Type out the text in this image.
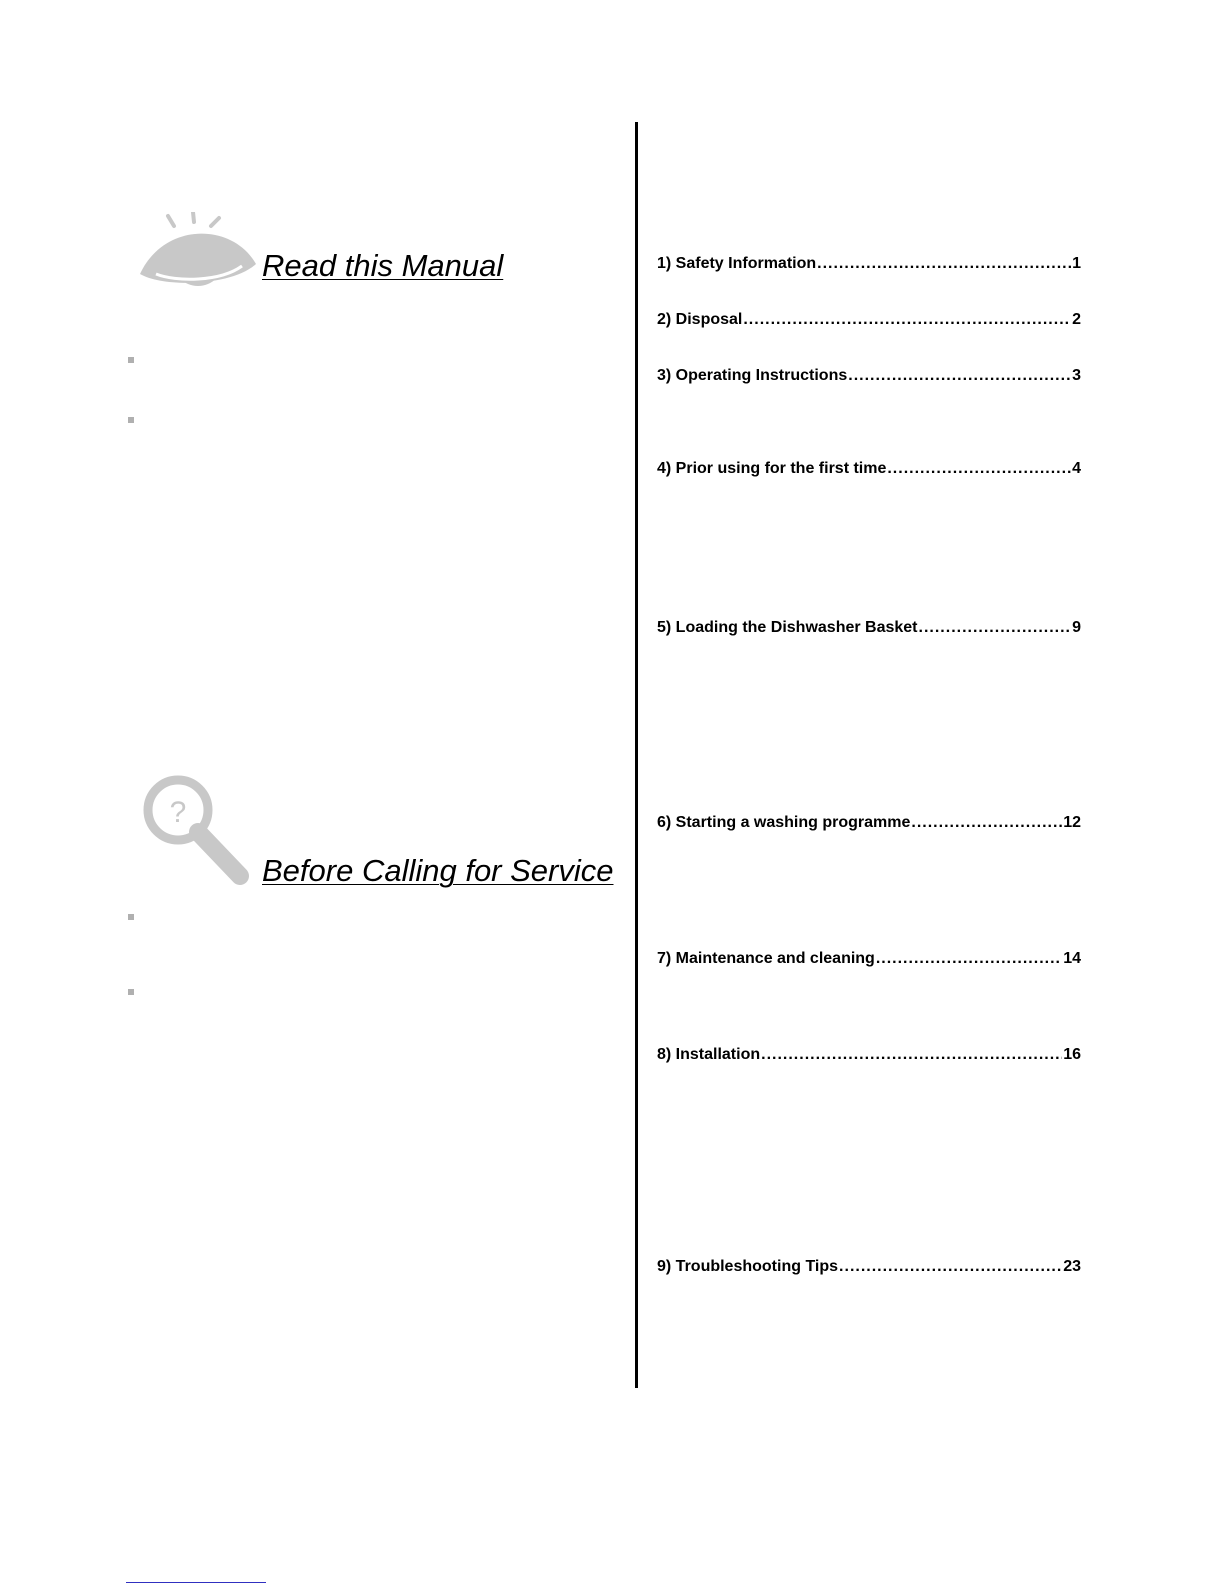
Read this Manual
?
Before Calling for Service
1) Safety Information .....	1
2) Disposal .....	2
3) Operating Instructions .....	3
4) Prior using for the first time .....	4
5) Loading the Dishwasher Basket .....	9
6) Starting a washing programme .....	12
7) Maintenance and cleaning .....	14
8) Installation .....	16
9) Troubleshooting Tips .....	23
